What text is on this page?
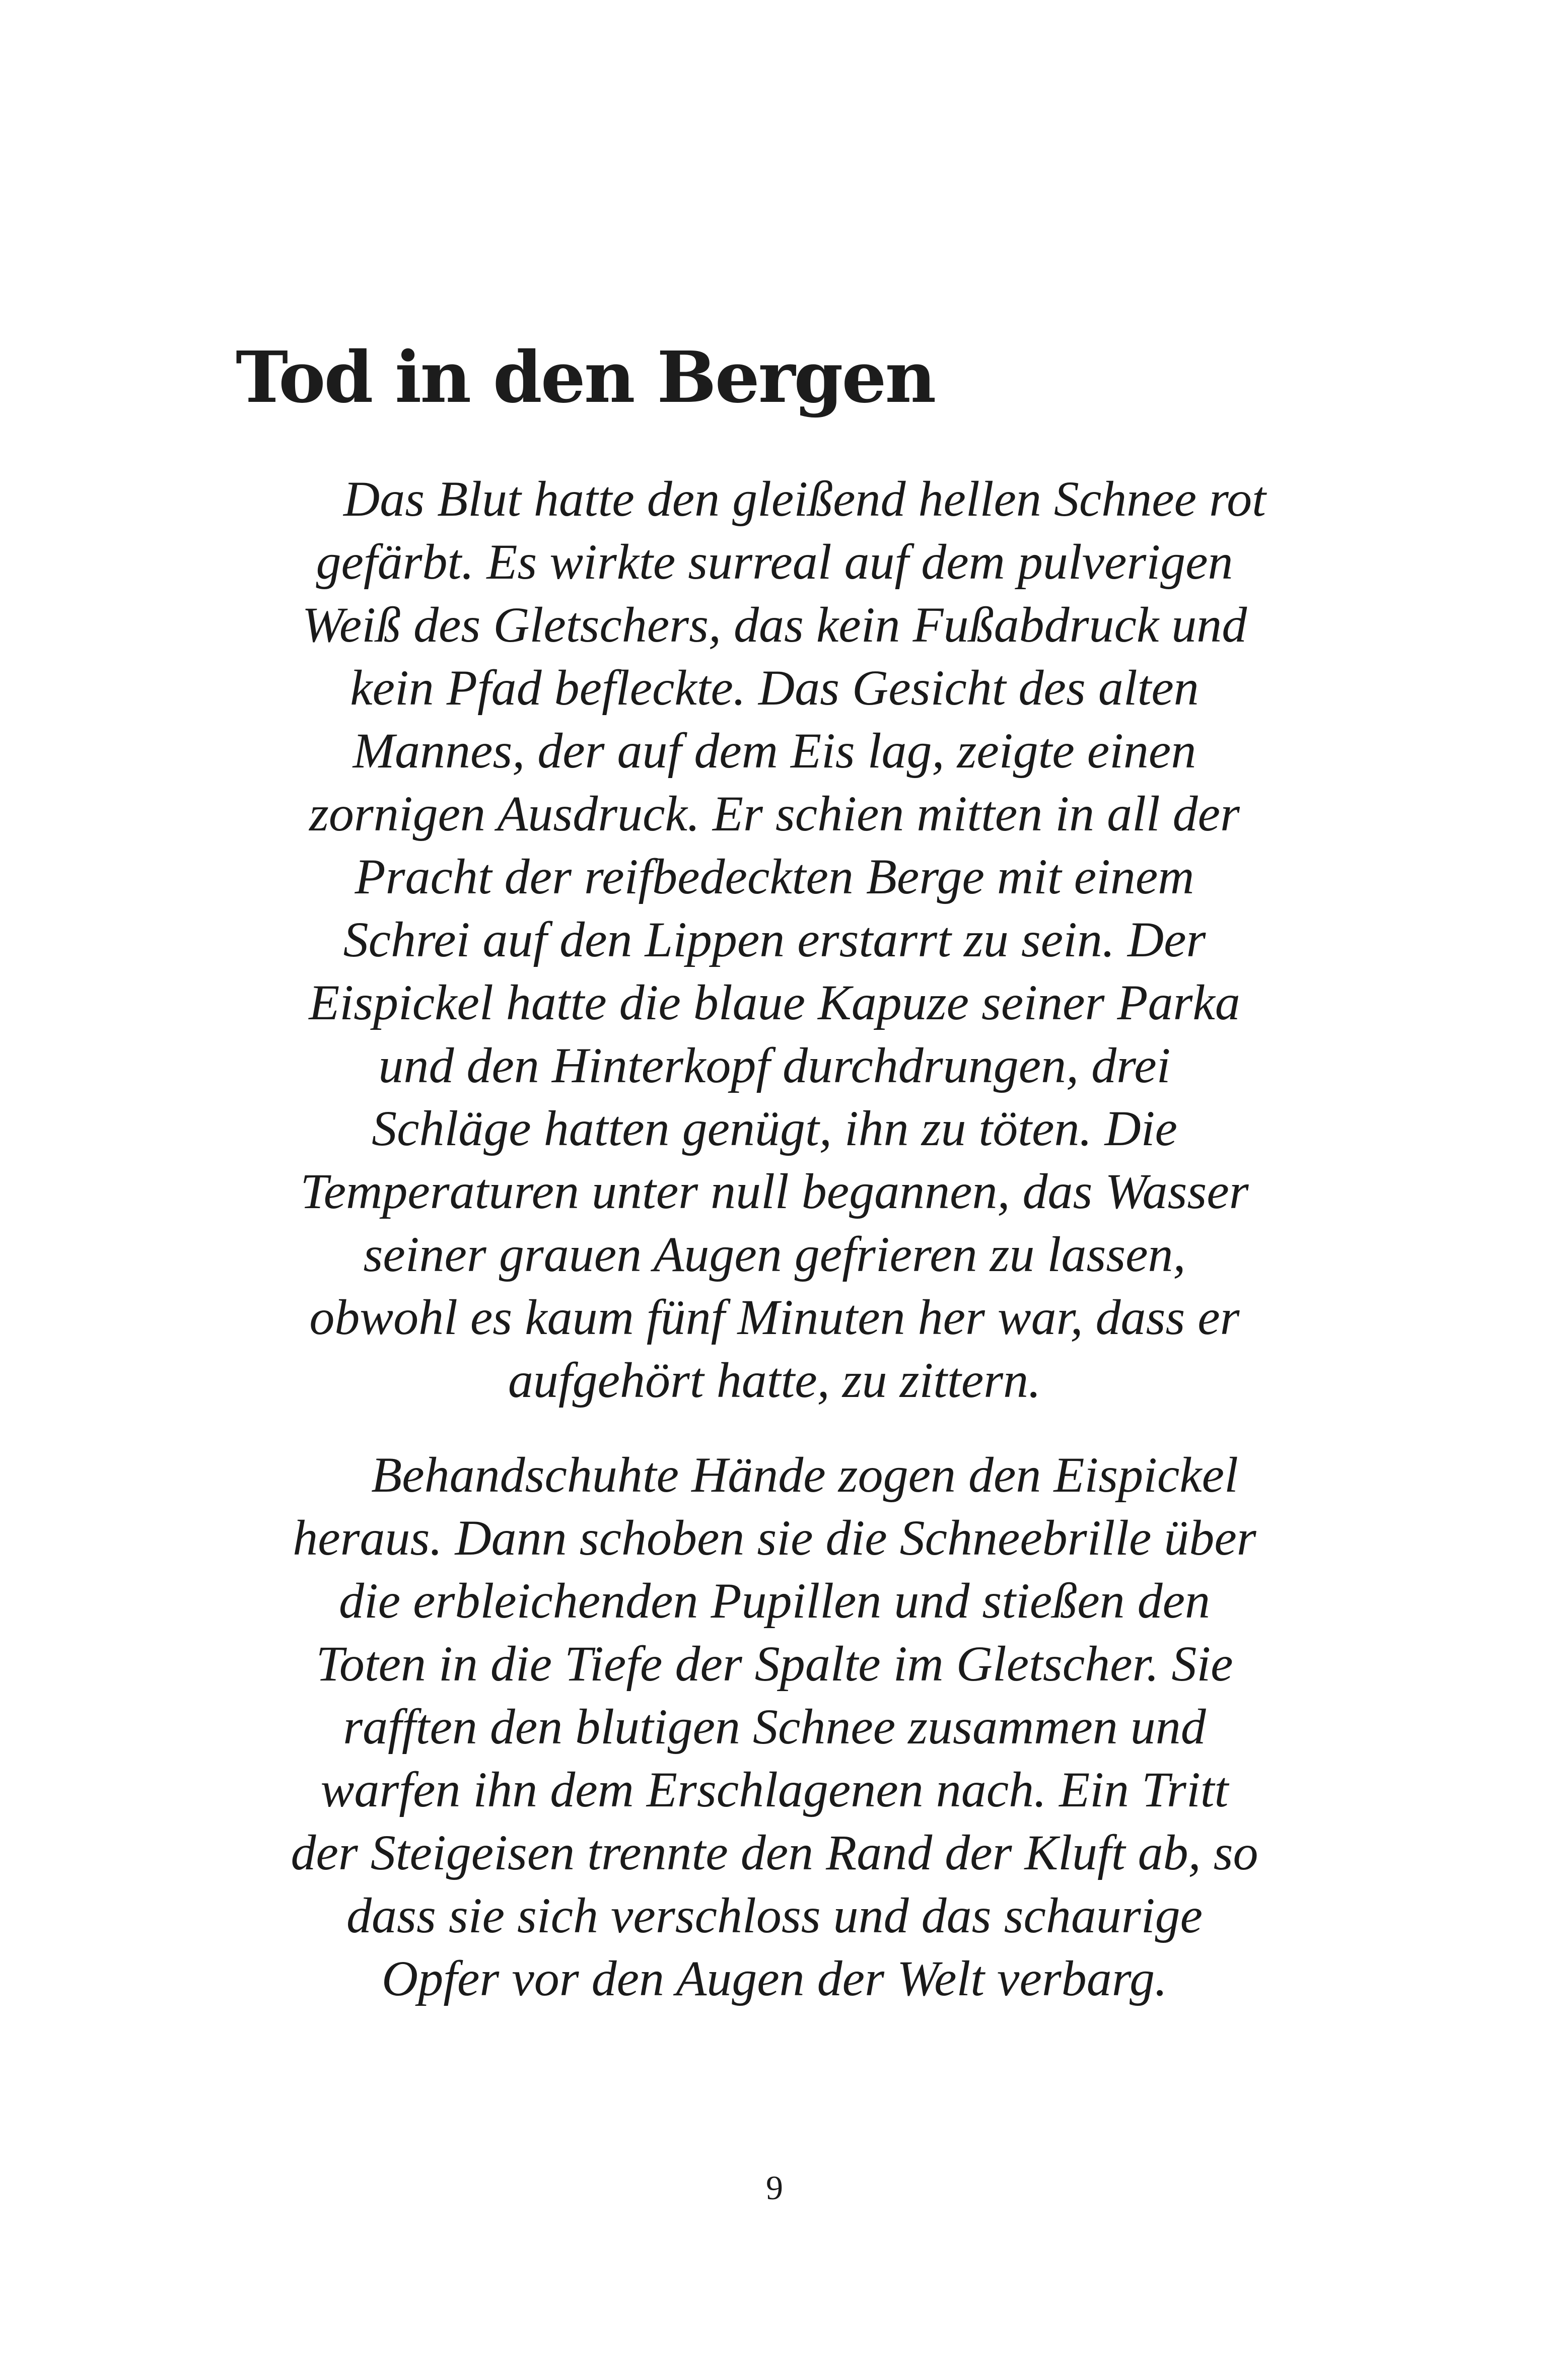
Tod in den Bergen
Das Blut hatte den gleißend hellen Schnee rot
gefärbt. Es wirkte surreal auf dem pulverigen
Weiß des Gletschers, das kein Fußabdruck und
kein Pfad befleckte. Das Gesicht des alten
Mannes, der auf dem Eis lag, zeigte einen
zornigen Ausdruck. Er schien mitten in all der
Pracht der reifbedeckten Berge mit einem
Schrei auf den Lippen erstarrt zu sein. Der
Eispickel hatte die blaue Kapuze seiner Parka
und den Hinterkopf durchdrungen, drei
Schläge hatten genügt, ihn zu töten. Die
Temperaturen unter null begannen, das Wasser
seiner grauen Augen gefrieren zu lassen,
obwohl es kaum fünf Minuten her war, dass er
aufgehört hatte, zu zittern.
Behandschuhte Hände zogen den Eispickel
heraus. Dann schoben sie die Schneebrille über
die erbleichenden Pupillen und stießen den
Toten in die Tiefe der Spalte im Gletscher. Sie
rafften den blutigen Schnee zusammen und
warfen ihn dem Erschlagenen nach. Ein Tritt
der Steigeisen trennte den Rand der Kluft ab, so
dass sie sich verschloss und das schaurige
Opfer vor den Augen der Welt verbarg.
9
